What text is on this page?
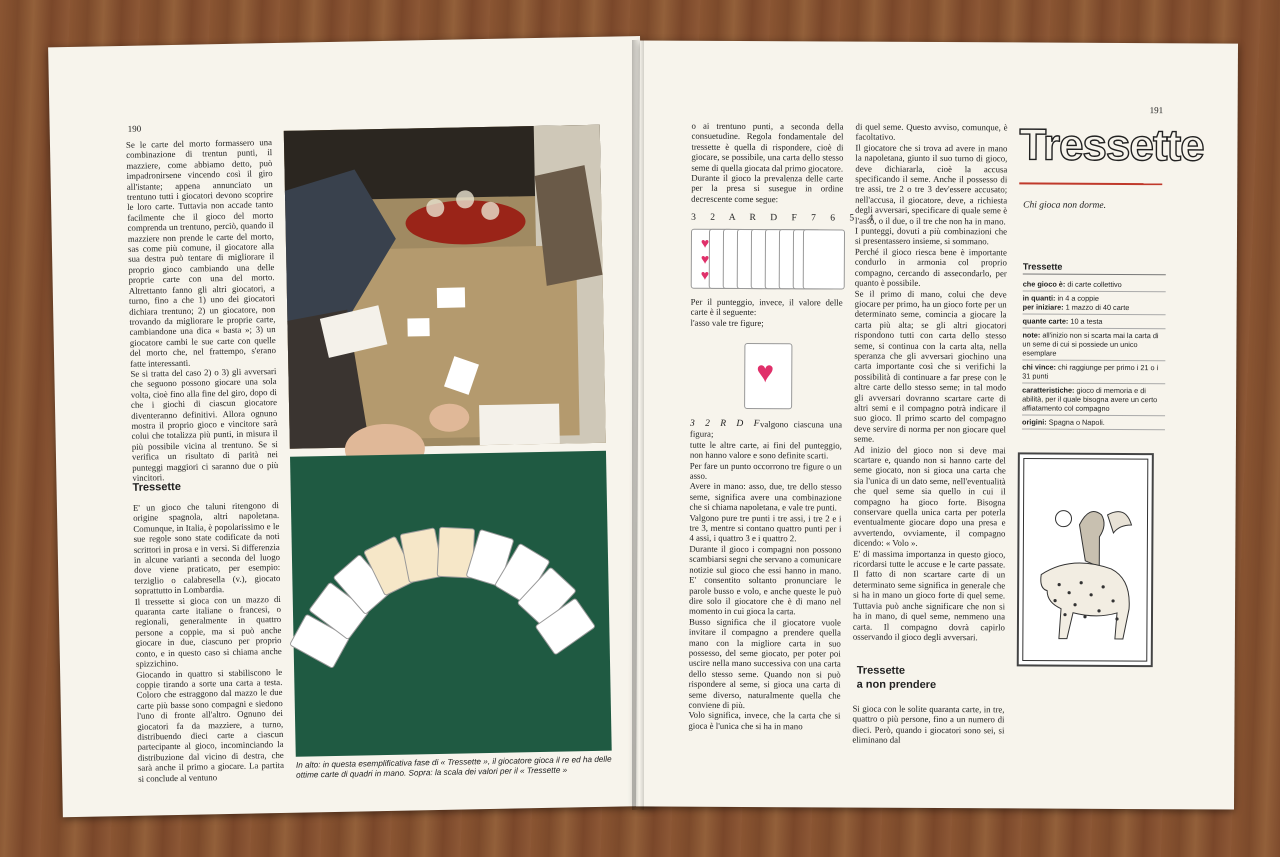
190

Se le carte del morto formassero una combinazione di trentun punti, il mazziere, come abbiamo detto, può impadronirsene vincendo così il giro all'istante; appena annunciato un trentuno tutti i giocatori devono scoprire le loro carte. Tuttavia non accade tanto facilmente che il gioco del morto comprenda un trentuno, perciò, quando il mazziere non prende le carte del morto, sas come più comune, il giocatore alla sua destra può tentare di migliorare il proprio gioco cambiando una delle proprie carte con una del morto. Altrettanto fanno gli altri giocatori, a turno, fino a che 1) uno dei giocatori dichiara trentuno; 2) un giocatore, non trovando da migliorare le proprie carte, cambiandone una dica « basta »; 3) un giocatore cambi le sue carte con quelle del morto che, nel frattempo, s'erano fatte interessanti.

Se si tratta del caso 2) o 3) gli avversari che seguono possono giocare una sola volta, cioè fino alla fine del giro, dopo di che i giochi di ciascun giocatore diventeranno definitivi. Allora ognuno mostra il proprio gioco e vincitore sarà colui che totalizza più punti, in misura il più possibile vicina al trentuno. Se si verifica un risultato di parità nei punteggi maggiori ci saranno due o più vincitori.

Tressette

E' un gioco che taluni ritengono di origine spagnola, altri napoletana. Comunque, in Italia, è popolarissimo e le sue regole sono state codificate da noti scrittori in prosa e in versi. Si differenzia in alcune varianti a seconda del luogo dove viene praticato, per esempio: terziglio o calabresella (v.), giocato soprattutto in Lombardia.

Il tressette si gioca con un mazzo di quaranta carte italiane o francesi, o regionali, generalmente in quattro persone a coppie, ma si può anche giocare in due, ciascuno per proprio conto, e in questo caso si chiama anche spizzichino.

Giocando in quattro si stabiliscono le coppie tirando a sorte una carta a testa. Coloro che estraggono dal mazzo le due carte più basse sono compagni e siedono l'uno di fronte all'altro. Ognuno dei giocatori fa da mazziere, a turno, distribuendo dieci carte a ciascun partecipante al gioco, incominciando la distribuzione dal vicino di destra, che sarà anche il primo a giocare. La partita si conclude al ventuno

In alto: in questa esemplificativa fase di « Tressette », il giocatore gioca il re ed ha delle ottime carte di quadri in mano. Sopra: la scala dei valori per il « Tressette »
191
o ai trentuno punti, a seconda della consuetudine. Regola fondamentale del tressette è quella di rispondere, cioè di giocare, se possibile, una carta dello stesso seme di quella giocata dal primo giocatore.
Durante il gioco la prevalenza delle carte per la presa si susegue in ordine decrescente come segue:
3 2 A R D F 7 6 5 4
♥
♥
♥
Per il punteggio, invece, il valore delle carte è il seguente:
l'asso vale tre figure;
♥
3 2 R D F
valgono ciascuna una figura;
tutte le altre carte, ai fini del punteggio, non hanno valore e sono definite scarti.
Per fare un punto occorrono tre figure o un asso.
Avere in mano: asso, due, tre dello stesso seme, significa avere una combinazione che si chiama napoletana, e vale tre punti.
Valgono pure tre punti i tre assi, i tre 2 e i tre 3, mentre si contano quattro punti per i 4 assi, i quattro 3 e i quattro 2.
Durante il gioco i compagni non possono scambiarsi segni che servano a comunicare notizie sul gioco che essi hanno in mano. E' consentito soltanto pronunciare le parole busso e volo, e anche queste le può dire solo il giocatore che è di mano nel momento in cui gioca la carta.
Busso significa che il giocatore vuole invitare il compagno a prendere quella mano con la migliore carta in suo possesso, del seme giocato, per poter poi uscire nella mano successiva con una carta dello stesso seme. Quando non si può rispondere al seme, si gioca una carta di seme diverso, naturalmente quella che conviene di più.
Volo significa, invece, che la carta che si gioca è l'unica che si ha in mano
di quel seme. Questo avviso, comunque, è facoltativo.
Il giocatore che si trova ad avere in mano la napoletana, giunto il suo turno di gioco, deve dichiararla, cioè la accusa specificando il seme. Anche il possesso di tre assi, tre 2 o tre 3 dev'essere accusato; nell'accusa, il giocatore, deve, a richiesta degli avversari, specificare di quale seme è l'asso, o il due, o il tre che non ha in mano.
I punteggi, dovuti a più combinazioni che si presentassero insieme, si sommano.
Perché il gioco riesca bene è importante condurlo in armonia col proprio compagno, cercando di assecondarlo, per quanto è possibile.
Se il primo di mano, colui che deve giocare per primo, ha un gioco forte per un determinato seme, comincia a giocare la carta più alta; se gli altri giocatori rispondono tutti con carta dello stesso seme, si continua con la carta alta, nella speranza che gli avversari giochino una carta importante così che si verifichi la possibilità di continuare a far prese con le altre carte dello stesso seme; in tal modo gli avversari dovranno scartare carte di altri semi e il compagno potrà indicare il suo gioco. Il primo scarto del compagno deve servire di norma per non giocare quel seme.
Ad inizio del gioco non si deve mai scartare e, quando non si hanno carte del seme giocato, non si gioca una carta che sia l'unica di un dato seme, nell'eventualità che quel seme sia quello in cui il compagno ha gioco forte. Bisogna conservare quella unica carta per poterla eventualmente giocare dopo una presa e avvertendo, ovviamente, il compagno dicendo: « Volo ».
E' di massima importanza in questo gioco, ricordarsi tutte le accuse e le carte passate. Il fatto di non scartare carte di un determinato seme significa in generale che si ha in mano un gioco forte di quel seme. Tuttavia può anche significare che non si ha in mano, di quel seme, nemmeno una carta. Il compagno dovrà capirlo osservando il gioco degli avversari.
Tressette
a non prendere
Si gioca con le solite quaranta carte, in tre, quattro o più persone, fino a un numero di dieci. Però, quando i giocatori sono sei, si eliminano dal
Tressette
Chi gioca non dorme.
Tressette
che gioco è: di carte collettivo
in quanti: in 4 a coppie
per iniziare: 1 mazzo di 40 carte
quante carte: 10 a testa
note: all'inizio non si scarta mai la carta di un seme di cui si possiede un unico esemplare
chi vince: chi raggiunge per primo i 21 o i 31 punti
caratteristiche: gioco di memoria e di abilità, per il quale bisogna avere un certo affiatamento col compagno
origini: Spagna o Napoli.
